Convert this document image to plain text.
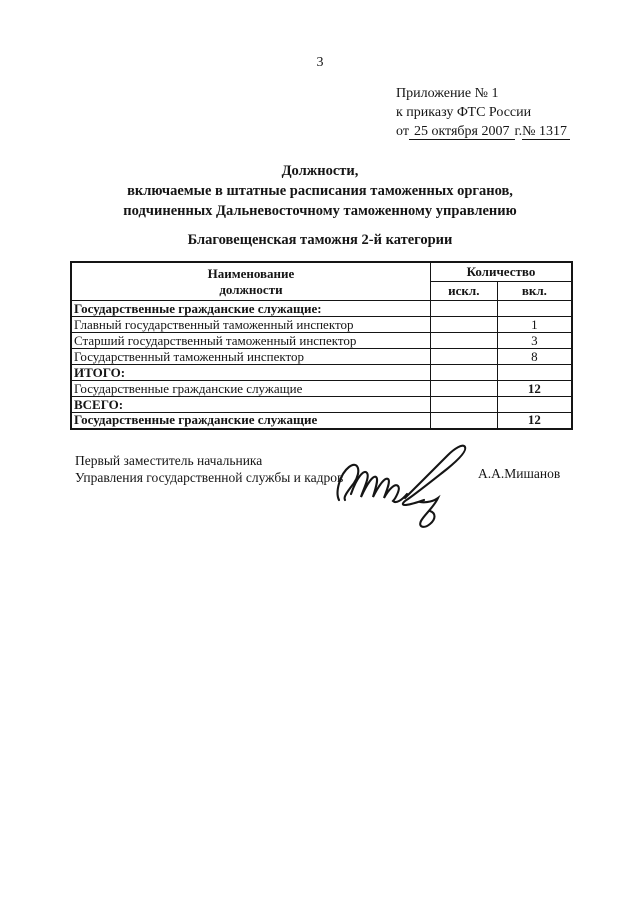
3
Приложение № 1
к приказу ФТС России
от 25 октября 2007 г.№ 1317
Должности,
включаемые в штатные расписания таможенных органов,
подчиненных Дальневосточному таможенному управлению
Благовещенская таможня 2-й категории
Наименование
должности	Количество	
	искл.	вкл.
Государственные гражданские служащие:		
Главный государственный таможенный инспектор		1
Старший государственный таможенный инспектор		3
Государственный таможенный инспектор		8
ИТОГО:		
Государственные гражданские служащие		12
ВСЕГО:		
Государственные гражданские служащие		12
Первый заместитель начальника
Управления государственной службы и кадров	А.А.Мишанов
